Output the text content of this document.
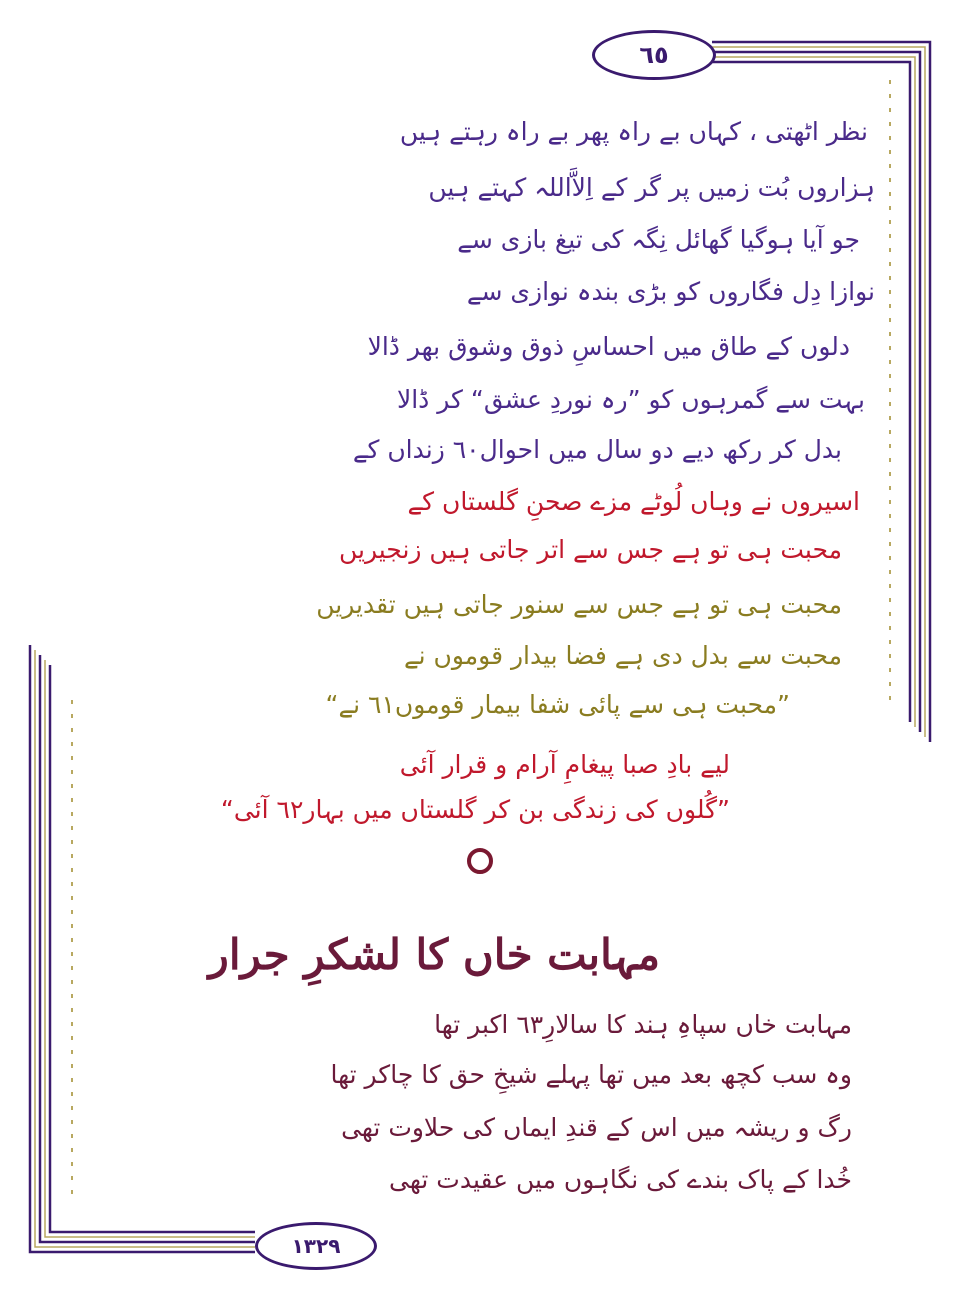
٦٥
نظر اٹھتی ، کہاں بے راہ پھر بے راہ رہتے ہیں
ہزاروں بُت زمیں پر گر کے اِلاَّاللہ کہتے ہیں
جو آیا ہوگیا گھائل نِگہ کی تیغ بازی سے
نوازا دِل فگاروں کو بڑی بندہ نوازی سے
دلوں کے طاق میں احساسِ ذوق وشوق بھر ڈالا
بہت سے گمرہوں کو ”رہ نوردِ عشق“ کر ڈالا
بدل کر رکھ دیے دو سال میں احوال٦٠ زنداں کے
اسیروں نے وہاں لُوٹے مزے صحنِ گلستاں کے
محبت ہی تو ہے جس سے اتر جاتی ہیں زنجیریں
محبت ہی تو ہے جس سے سنور جاتی ہیں تقدیریں
محبت سے بدل دی ہے فضا بیدار قوموں نے
”محبت ہی سے پائی شفا بیمار قوموں٦١ نے“
لیے بادِ صبا پیغامِ آرام و قرار آئی
”گُلوں کی زندگی بن کر گلستاں میں بہار٦٢ آئی“
مہابت خاں کا لشکرِ جرار
مہابت خاں سپاہِ ہند کا سالارِ٦٣ اکبر تھا
وہ سب کچھ بعد میں تھا پہلے شیخِ حق کا چاکر تھا
رگ و ریشہ میں اس کے قندِ ایماں کی حلاوت تھی
خُدا کے پاک بندے کی نگاہوں میں عقیدت تھی
١٣٢٩
